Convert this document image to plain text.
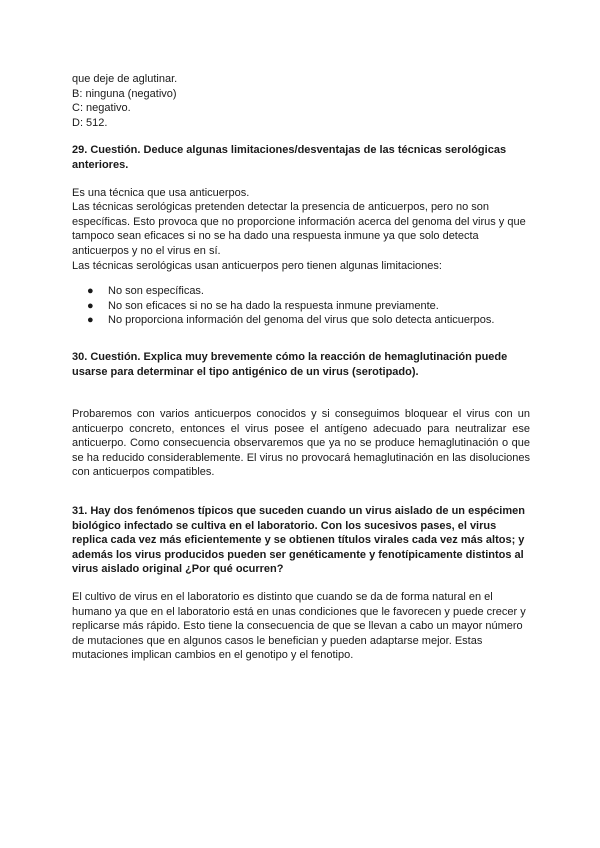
que deje de aglutinar.

B: ninguna (negativo)

C: negativo.

D: 512.

29. Cuestión. Deduce algunas limitaciones/desventajas de las técnicas serológicas anteriores.

Es una técnica que usa anticuerpos.

Las técnicas serológicas pretenden detectar la presencia de anticuerpos, pero no son específicas. Esto provoca que no proporcione información acerca del genoma del virus y que tampoco sean eficaces si no se ha dado una respuesta inmune ya que solo detecta anticuerpos y no el virus en sí.

Las técnicas serológicas usan anticuerpos pero tienen algunas limitaciones:

● No son específicas.
● No son eficaces si no se ha dado la respuesta inmune previamente.
● No proporciona información del genoma del virus que solo detecta anticuerpos.

30. Cuestión. Explica muy brevemente cómo la reacción de hemaglutinación puede usarse para determinar el tipo antigénico de un virus (serotipado).

Probaremos con varios anticuerpos conocidos y si conseguimos bloquear el virus con un anticuerpo concreto, entonces el virus posee el antígeno adecuado para neutralizar ese anticuerpo. Como consecuencia observaremos que ya no se produce hemaglutinación o que se ha reducido considerablemente. El virus no provocará hemaglutinación en las disoluciones con anticuerpos compatibles.

31. Hay dos fenómenos típicos que suceden cuando un virus aislado de un espécimen biológico infectado se cultiva en el laboratorio. Con los sucesivos pases, el virus replica cada vez más eficientemente y se obtienen títulos virales cada vez más altos; y además los virus producidos pueden ser genéticamente y fenotípicamente distintos al virus aislado original ¿Por qué ocurren?

El cultivo de virus en el laboratorio es distinto que cuando se da de forma natural en el humano ya que en el laboratorio está en unas condiciones que le favorecen y puede crecer y replicarse más rápido. Esto tiene la consecuencia de que se llevan a cabo un mayor número de mutaciones que en algunos casos le benefician y pueden adaptarse mejor. Estas mutaciones implican cambios en el genotipo y el fenotipo.
